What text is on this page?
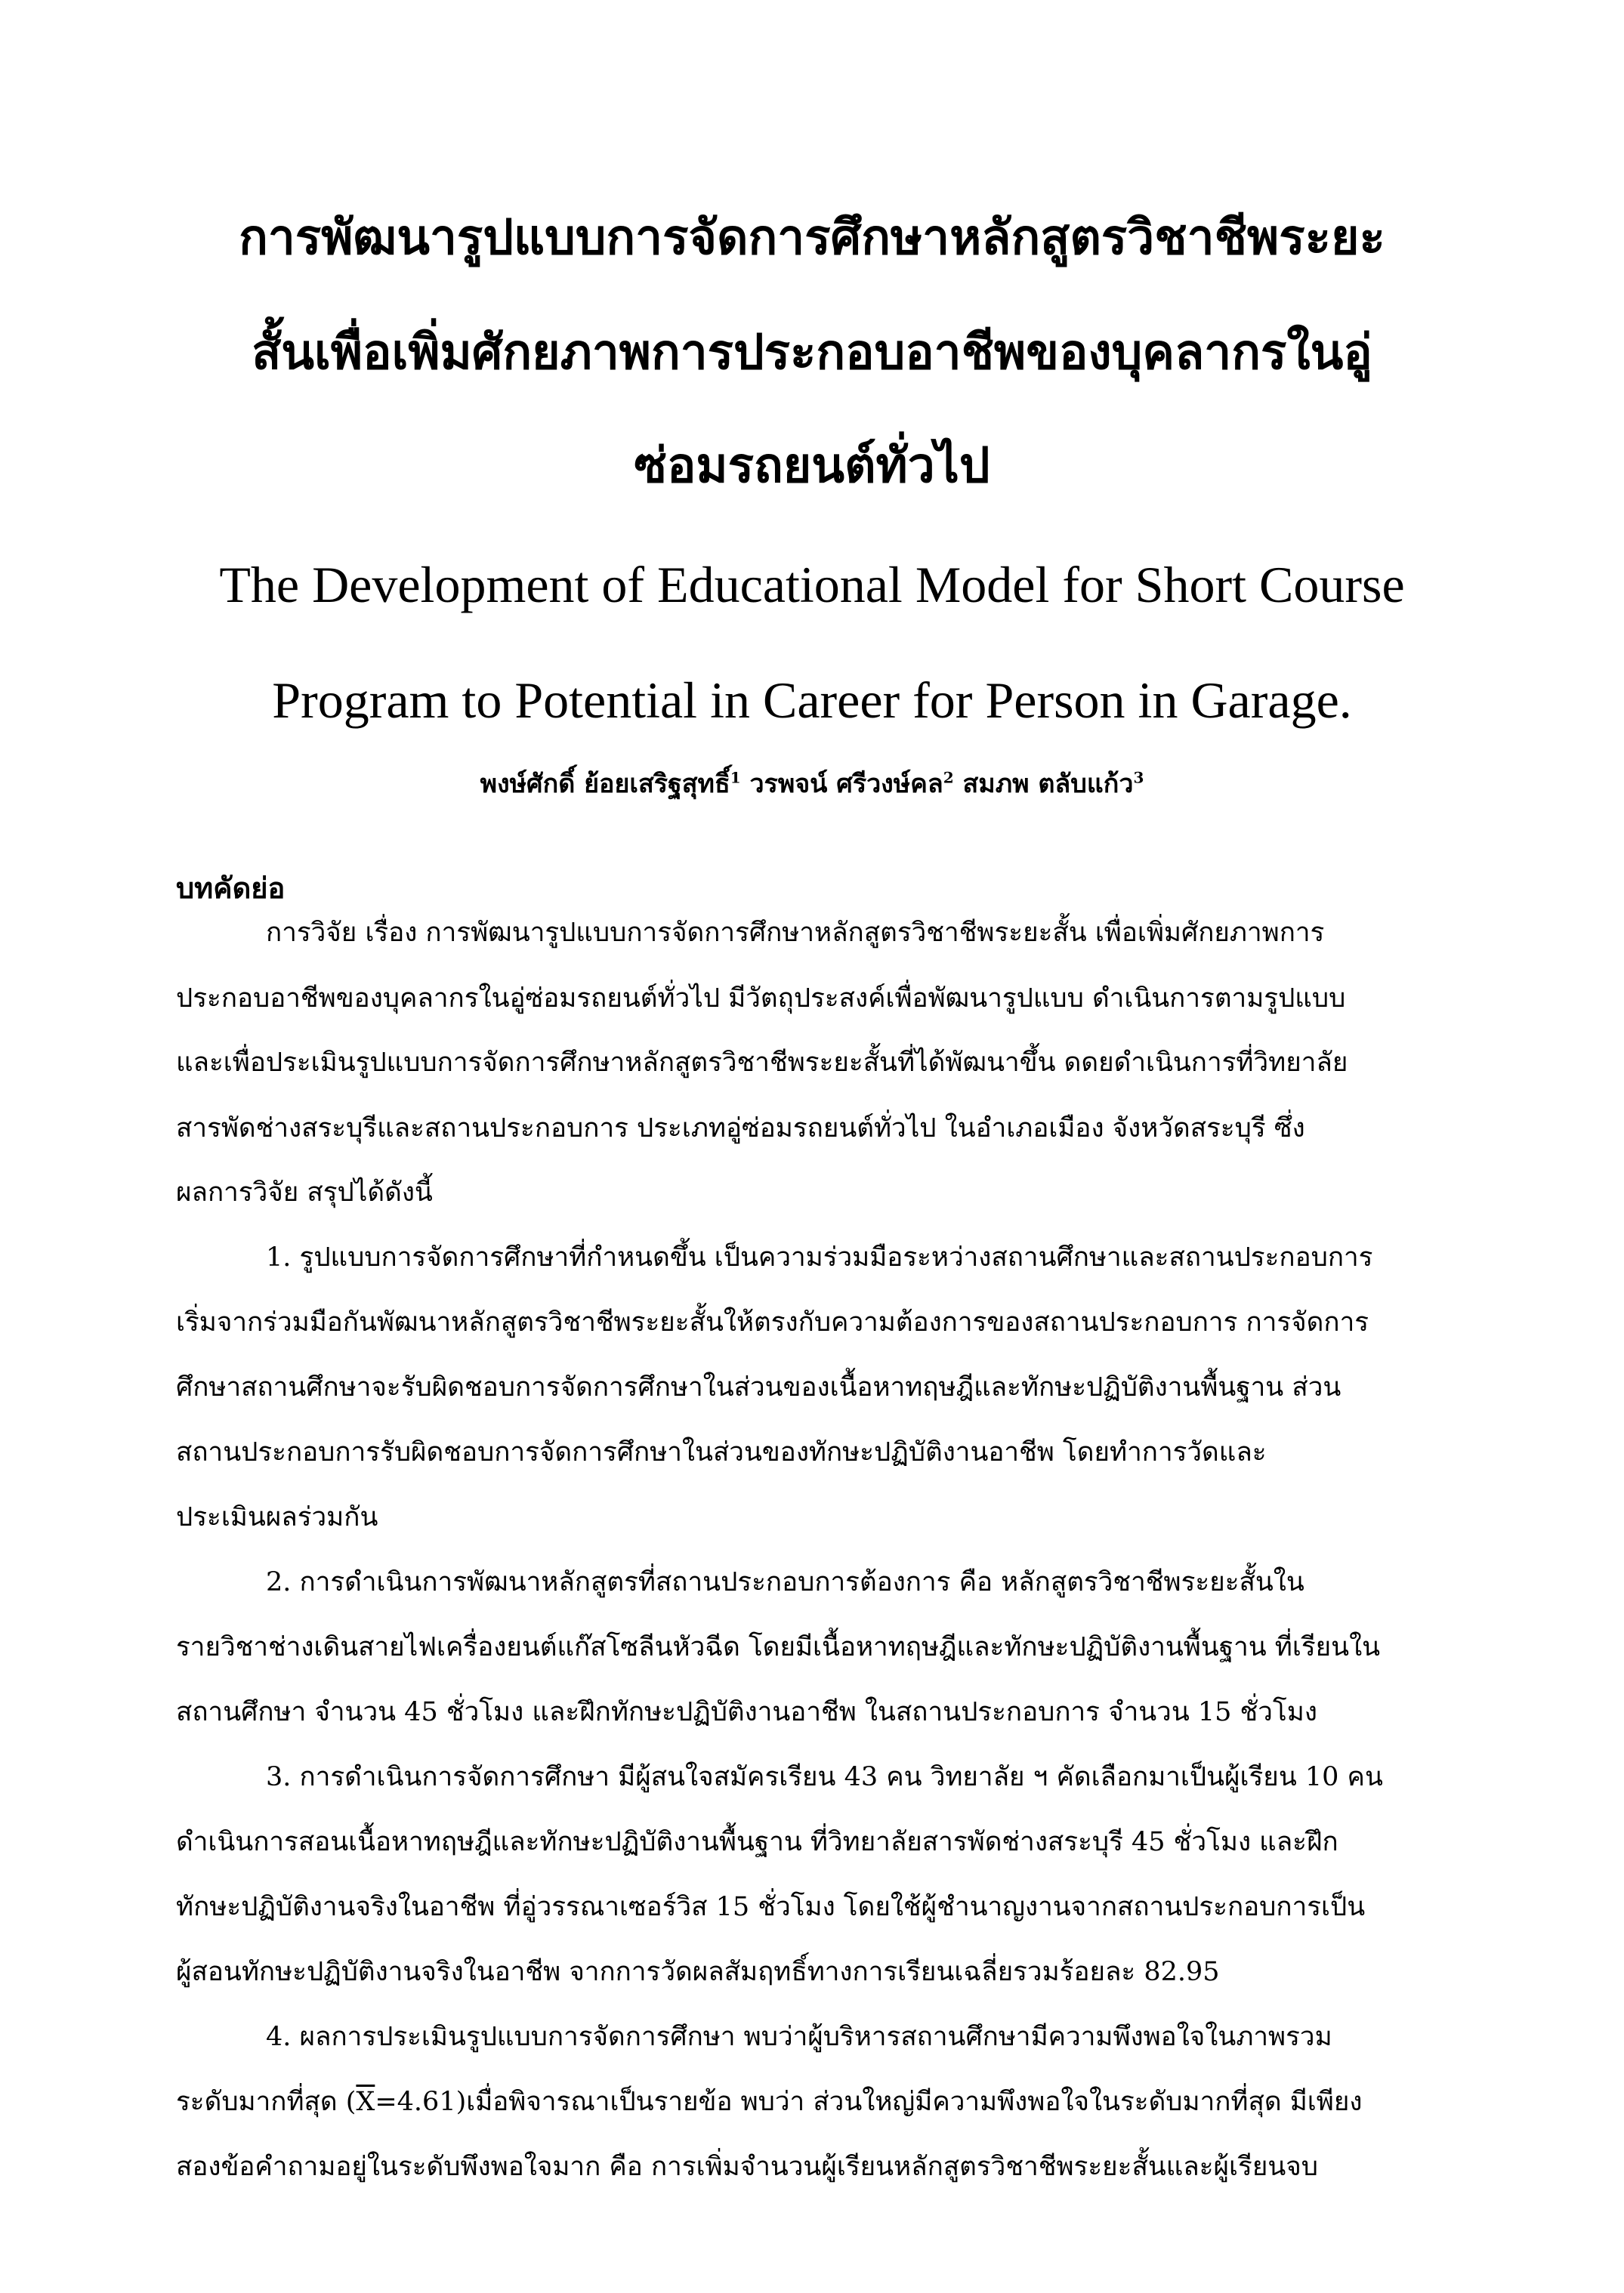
การพัฒนารูปแบบการจัดการศึกษาหลักสูตรวิชาชีพระยะ
สั้นเพื่อเพิ่มศักยภาพการประกอบอาชีพของบุคลากรในอู่
ซ่อมรถยนต์ทั่วไป
The Development of Educational Model for Short Course
Program to Potential in Career for Person in Garage.
พงษ์ศักดิ์ ย้อยเสริฐสุทธิ์$^1$ วรพจน์ ศรีวงษ์คล$^2$ สมภพ ตลับแก้ว$^3$
บทคัดย่อ
การวิจัย เรื่อง การพัฒนารูปแบบการจัดการศึกษาหลักสูตรวิชาชีพระยะสั้น เพื่อเพิ่มศักยภาพการ
ประกอบอาชีพของบุคลากรในอู่ซ่อมรถยนต์ทั่วไป มีวัตถุประสงค์เพื่อพัฒนารูปแบบ ดำเนินการตามรูปแบบ
และเพื่อประเมินรูปแบบการจัดการศึกษาหลักสูตรวิชาชีพระยะสั้นที่ได้พัฒนาขึ้น ดดยดำเนินการที่วิทยาลัย
สารพัดช่างสระบุรีและสถานประกอบการ ประเภทอู่ซ่อมรถยนต์ทั่วไป ในอำเภอเมือง จังหวัดสระบุรี ซึ่ง
ผลการวิจัย สรุปได้ดังนี้
1. รูปแบบการจัดการศึกษาที่กำหนดขึ้น เป็นความร่วมมือระหว่างสถานศึกษาและสถานประกอบการ
เริ่มจากร่วมมือกันพัฒนาหลักสูตรวิชาชีพระยะสั้นให้ตรงกับความต้องการของสถานประกอบการ การจัดการ
ศึกษาสถานศึกษาจะรับผิดชอบการจัดการศึกษาในส่วนของเนื้อหาทฤษฎีและทักษะปฏิบัติงานพื้นฐาน ส่วน
สถานประกอบการรับผิดชอบการจัดการศึกษาในส่วนของทักษะปฏิบัติงานอาชีพ โดยทำการวัดและ
ประเมินผลร่วมกัน
2. การดำเนินการพัฒนาหลักสูตรที่สถานประกอบการต้องการ คือ หลักสูตรวิชาชีพระยะสั้นใน
รายวิชาช่างเดินสายไฟเครื่องยนต์แก๊สโซลีนหัวฉีด โดยมีเนื้อหาทฤษฎีและทักษะปฏิบัติงานพื้นฐาน ที่เรียนใน
สถานศึกษา จำนวน 45 ชั่วโมง และฝึกทักษะปฏิบัติงานอาชีพ ในสถานประกอบการ จำนวน 15 ชั่วโมง
3. การดำเนินการจัดการศึกษา มีผู้สนใจสมัครเรียน 43 คน วิทยาลัย ฯ คัดเลือกมาเป็นผู้เรียน 10 คน
ดำเนินการสอนเนื้อหาทฤษฎีและทักษะปฏิบัติงานพื้นฐาน ที่วิทยาลัยสารพัดช่างสระบุรี 45 ชั่วโมง และฝึก
ทักษะปฏิบัติงานจริงในอาชีพ ที่อู่วรรณาเซอร์วิส 15 ชั่วโมง โดยใช้ผู้ชำนาญงานจากสถานประกอบการเป็น
ผู้สอนทักษะปฏิบัติงานจริงในอาชีพ จากการวัดผลสัมฤทธิ์ทางการเรียนเฉลี่ยรวมร้อยละ 82.95
4. ผลการประเมินรูปแบบการจัดการศึกษา พบว่าผู้บริหารสถานศึกษามีความพึงพอใจในภาพรวม
ระดับมากที่สุด $(\overline{X}=4.61)$เมื่อพิจารณาเป็นรายข้อ พบว่า ส่วนใหญ่มีความพึงพอใจในระดับมากที่สุด มีเพียง
สองข้อคำถามอยู่ในระดับพึงพอใจมาก คือ การเพิ่มจำนวนผู้เรียนหลักสูตรวิชาชีพระยะสั้นและผู้เรียนจบ
